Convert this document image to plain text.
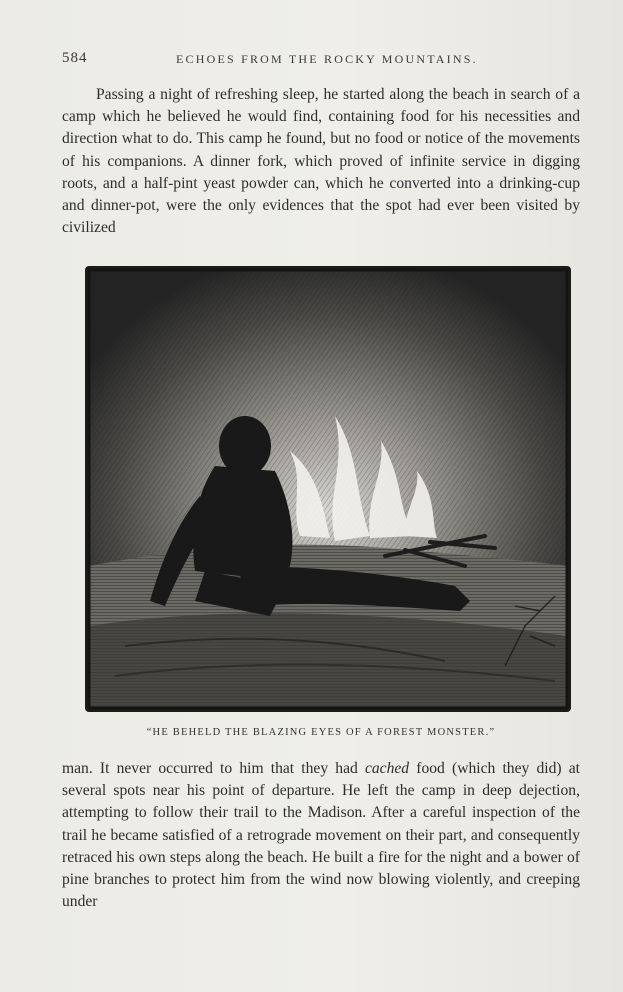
584	ECHOES FROM THE ROCKY MOUNTAINS.
Passing a night of refreshing sleep, he started along the beach in search of a camp which he believed he would find, containing food for his necessities and direction what to do. This camp he found, but no food or notice of the movements of his companions. A dinner fork, which proved of infinite service in digging roots, and a half-pint yeast powder can, which he converted into a drinking-cup and dinner-pot, were the only evidences that the spot had ever been visited by civilized
“HE BEHELD THE BLAZING EYES OF A FOREST MONSTER.”
man. It never occurred to him that they had cached food (which they did) at several spots near his point of departure. He left the camp in deep dejection, attempting to follow their trail to the Madison. After a careful inspection of the trail he became satisfied of a retrograde movement on their part, and consequently retraced his own steps along the beach. He built a fire for the night and a bower of pine branches to protect him from the wind now blowing violently, and creeping under
